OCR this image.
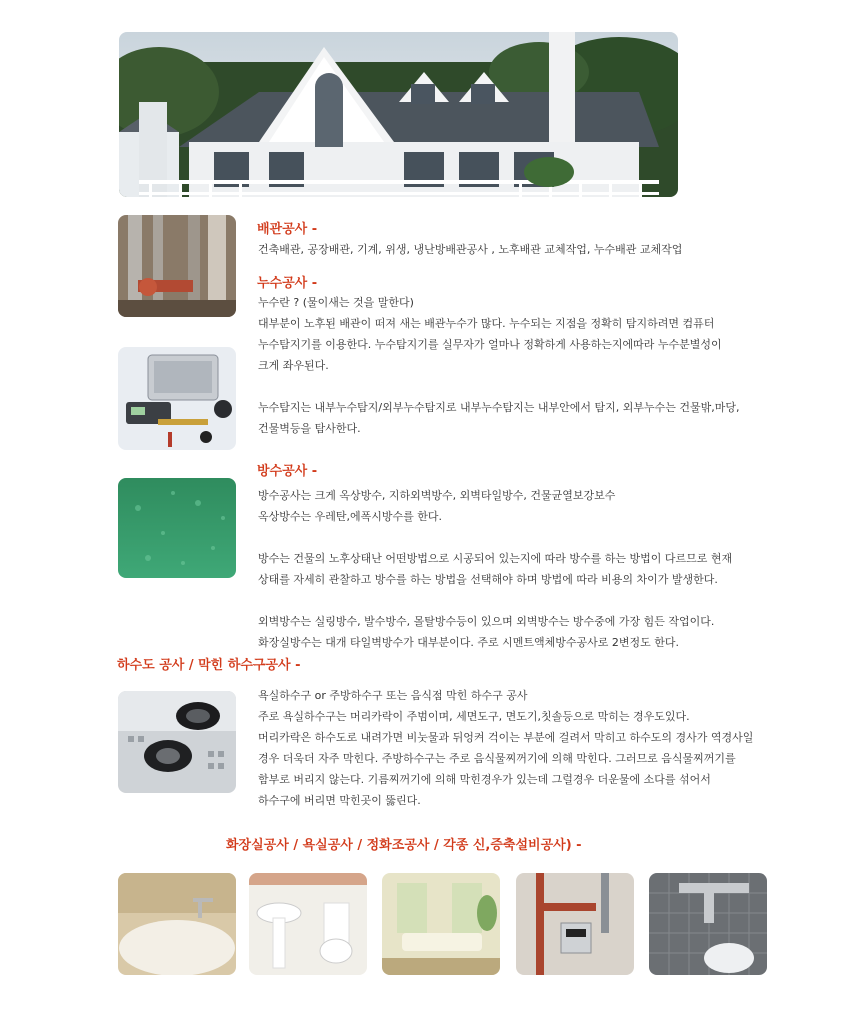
배관공사 -
건축배관, 공장배관, 기계, 위생, 냉난방배관공사 , 노후배관 교체작업, 누수배관 교체작업
누수공사 -
누수란 ? (물이새는 것을 말한다)
대부분이 노후된 배관이 떠져 새는 배관누수가 많다. 누수되는 지점을 정확히 탐지하려면 컴퓨터
누수탐지기를 이용한다. 누수탐지기를 실무자가 얼마나 정확하게 사용하는지에따라 누수분별성이
크게 좌우된다.
누수탐지는 내부누수탐지/외부누수탐지로 내부누수탐지는 내부안에서 탐지, 외부누수는 건물밖,마당,
건물벽등을 탐사한다.
방수공사 -
방수공사는 크게 옥상방수, 지하외벽방수, 외벽타일방수, 건물균열보강보수
옥상방수는 우레탄,에폭시방수를 한다.
방수는 건물의 노후상태난 어떤방법으로 시공되어 있는지에 따라 방수를 하는 방법이 다르므로 현재
상태를 자세히 관찰하고 방수를 하는 방법을 선택해야 하며 방법에 따라 비용의 차이가 발생한다.
외벽방수는 실링방수, 발수방수, 몰탈방수등이 있으며 외벽방수는 방수중에 가장 힘든 작업이다.
화장실방수는 대개 타일벽방수가 대부분이다. 주로 시멘트액체방수공사로 2변정도 한다.
하수도 공사 / 막힌 하수구공사 -
욕실하수구 or 주방하수구 또는 음식점 막힌 하수구 공사
주로 욕실하수구는 머리카락이 주범이며, 세면도구, 면도기,칫솔등으로 막히는 경우도있다.
머리카락은 하수도로 내려가면 비눗물과 뒤엉켜 걱이는 부분에 걸려서 막히고 하수도의 경사가 역경사일
경우 더욱더 자주 막힌다. 주방하수구는 주로 음식물찌꺼기에 의해 막힌다. 그러므로 음식물찌꺼기를
함부로 버리지 않는다. 기름찌꺼기에 의해 막힌경우가 있는데 그럴경우 더운물에 소다를 섞어서
하수구에 버리면 막힌곳이 뚫린다.
화장실공사 / 욕실공사 / 정화조공사 / 각종 신,증축설비공사) -
